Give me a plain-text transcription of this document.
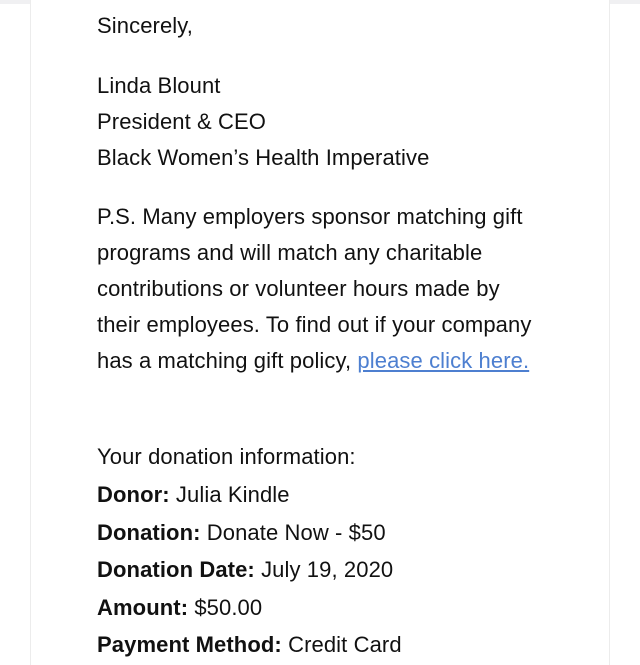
Sincerely,
Linda Blount
President & CEO
Black Women’s Health Imperative
P.S. Many employers sponsor matching gift programs and will match any charitable contributions or volunteer hours made by their employees. To find out if your company has a matching gift policy, please click here.
Your donation information:
Donor: Julia Kindle
Donation: Donate Now - $50
Donation Date: July 19, 2020
Amount: $50.00
Payment Method: Credit Card
